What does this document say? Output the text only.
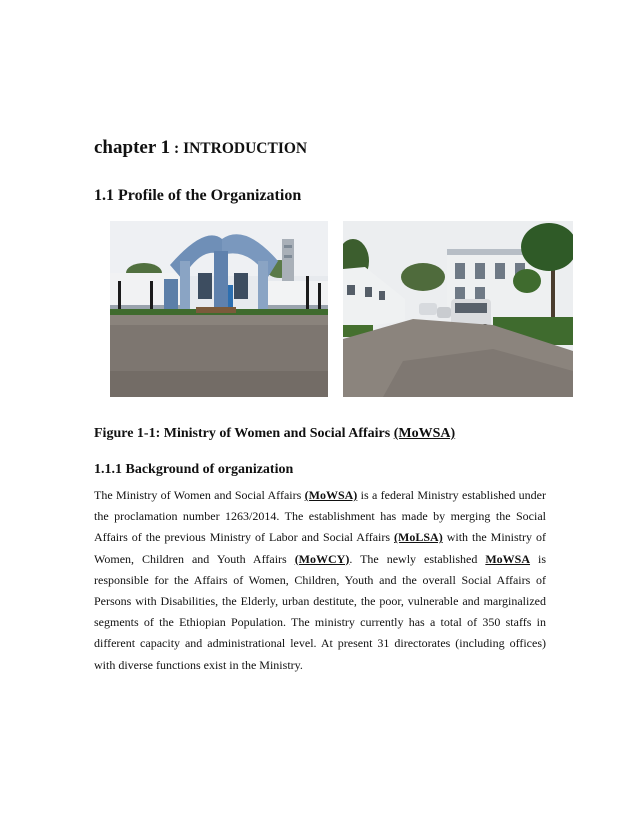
chapter 1 : INTRODUCTION
1.1 Profile of the Organization

Figure 1-1: Ministry of Women and Social Affairs (MoWSA)

1.1.1 Background of organization

The Ministry of Women and Social Affairs (MoWSA) is a federal Ministry established under the proclamation number 1263/2014. The establishment has made by merging the Social Affairs of the previous Ministry of Labor and Social Affairs (MoLSA) with the Ministry of Women, Children and Youth Affairs (MoWCY). The newly established MoWSA is responsible for the Affairs of Women, Children, Youth and the overall Social Affairs of Persons with Disabilities, the Elderly, urban destitute, the poor, vulnerable and marginalized segments of the Ethiopian Population. The ministry currently has a total of 350 staffs in different capacity and administrational level. At present 31 directorates (including offices) with diverse functions exist in the Ministry.
